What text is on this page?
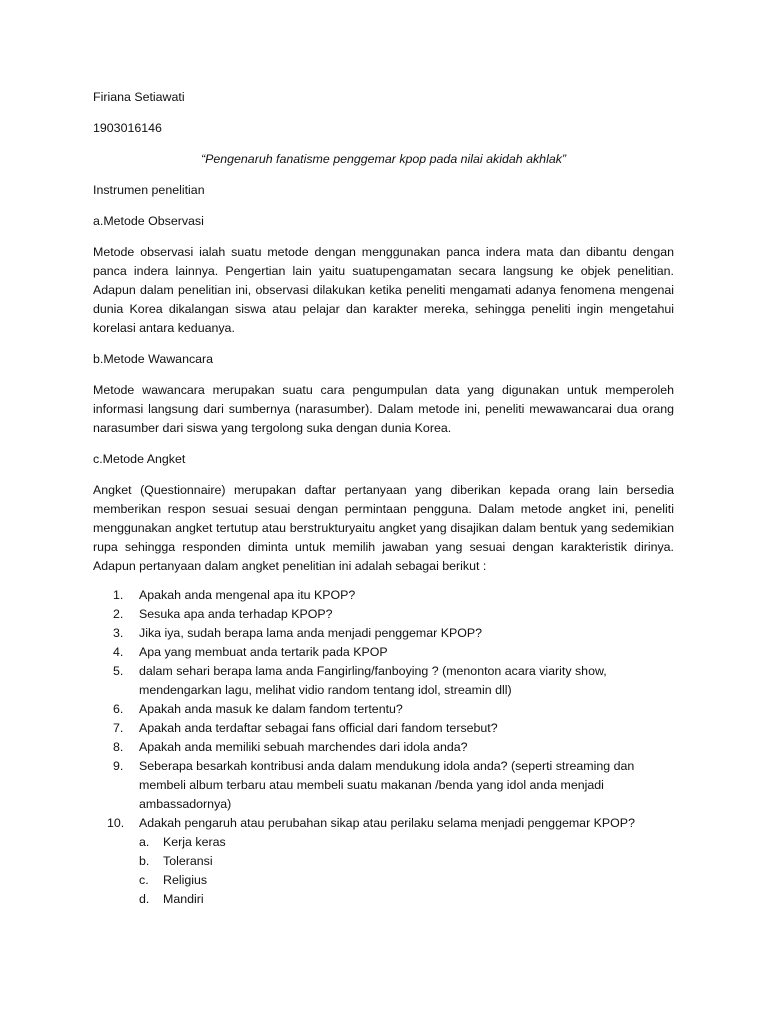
Firiana Setiawati

1903016146

“Pengenaruh fanatisme penggemar kpop pada nilai akidah akhlak”

Instrumen penelitian

a.Metode Observasi

Metode observasi ialah suatu metode dengan menggunakan panca indera mata dan dibantu dengan panca indera lainnya. Pengertian lain yaitu suatupengamatan secara langsung ke objek penelitian. Adapun dalam penelitian ini, observasi dilakukan ketika peneliti mengamati adanya fenomena mengenai dunia Korea dikalangan siswa atau pelajar dan karakter mereka, sehingga peneliti ingin mengetahui korelasi antara keduanya.

b.Metode Wawancara

Metode wawancara merupakan suatu cara pengumpulan data yang digunakan untuk memperoleh informasi langsung dari sumbernya (narasumber). Dalam metode ini, peneliti mewawancarai dua orang narasumber dari siswa yang tergolong suka dengan dunia Korea.

c.Metode Angket

Angket (Questionnaire) merupakan daftar pertanyaan yang diberikan kepada orang lain bersedia memberikan respon sesuai sesuai dengan permintaan pengguna. Dalam metode angket ini, peneliti menggunakan angket tertutup atau berstrukturyaitu angket yang disajikan dalam bentuk yang sedemikian rupa sehingga responden diminta untuk memilih jawaban yang sesuai dengan karakteristik dirinya. Adapun pertanyaan dalam angket penelitian ini adalah sebagai berikut :

1.	Apakah anda mengenal apa itu KPOP?
2.	Sesuka apa anda terhadap KPOP?
3.	Jika iya, sudah berapa lama anda menjadi penggemar KPOP?
4.	Apa yang membuat anda tertarik pada KPOP
5.	dalam sehari berapa lama anda Fangirling/fanboying ? (menonton acara viarity show, mendengarkan lagu, melihat vidio random tentang idol, streamin dll)
6.	Apakah anda masuk ke dalam fandom tertentu?
7.	Apakah anda terdaftar sebagai fans official dari fandom tersebut?
8.	Apakah anda memiliki sebuah marchendes dari idola anda?
9.	Seberapa besarkah kontribusi anda dalam mendukung idola anda? (seperti streaming dan membeli album terbaru atau membeli suatu makanan /benda yang idol anda menjadi ambassadornya)
10.	Adakah pengaruh atau perubahan sikap atau perilaku selama menjadi penggemar KPOP?
a. Kerja keras
b. Toleransi
c. Religius
d. Mandiri
